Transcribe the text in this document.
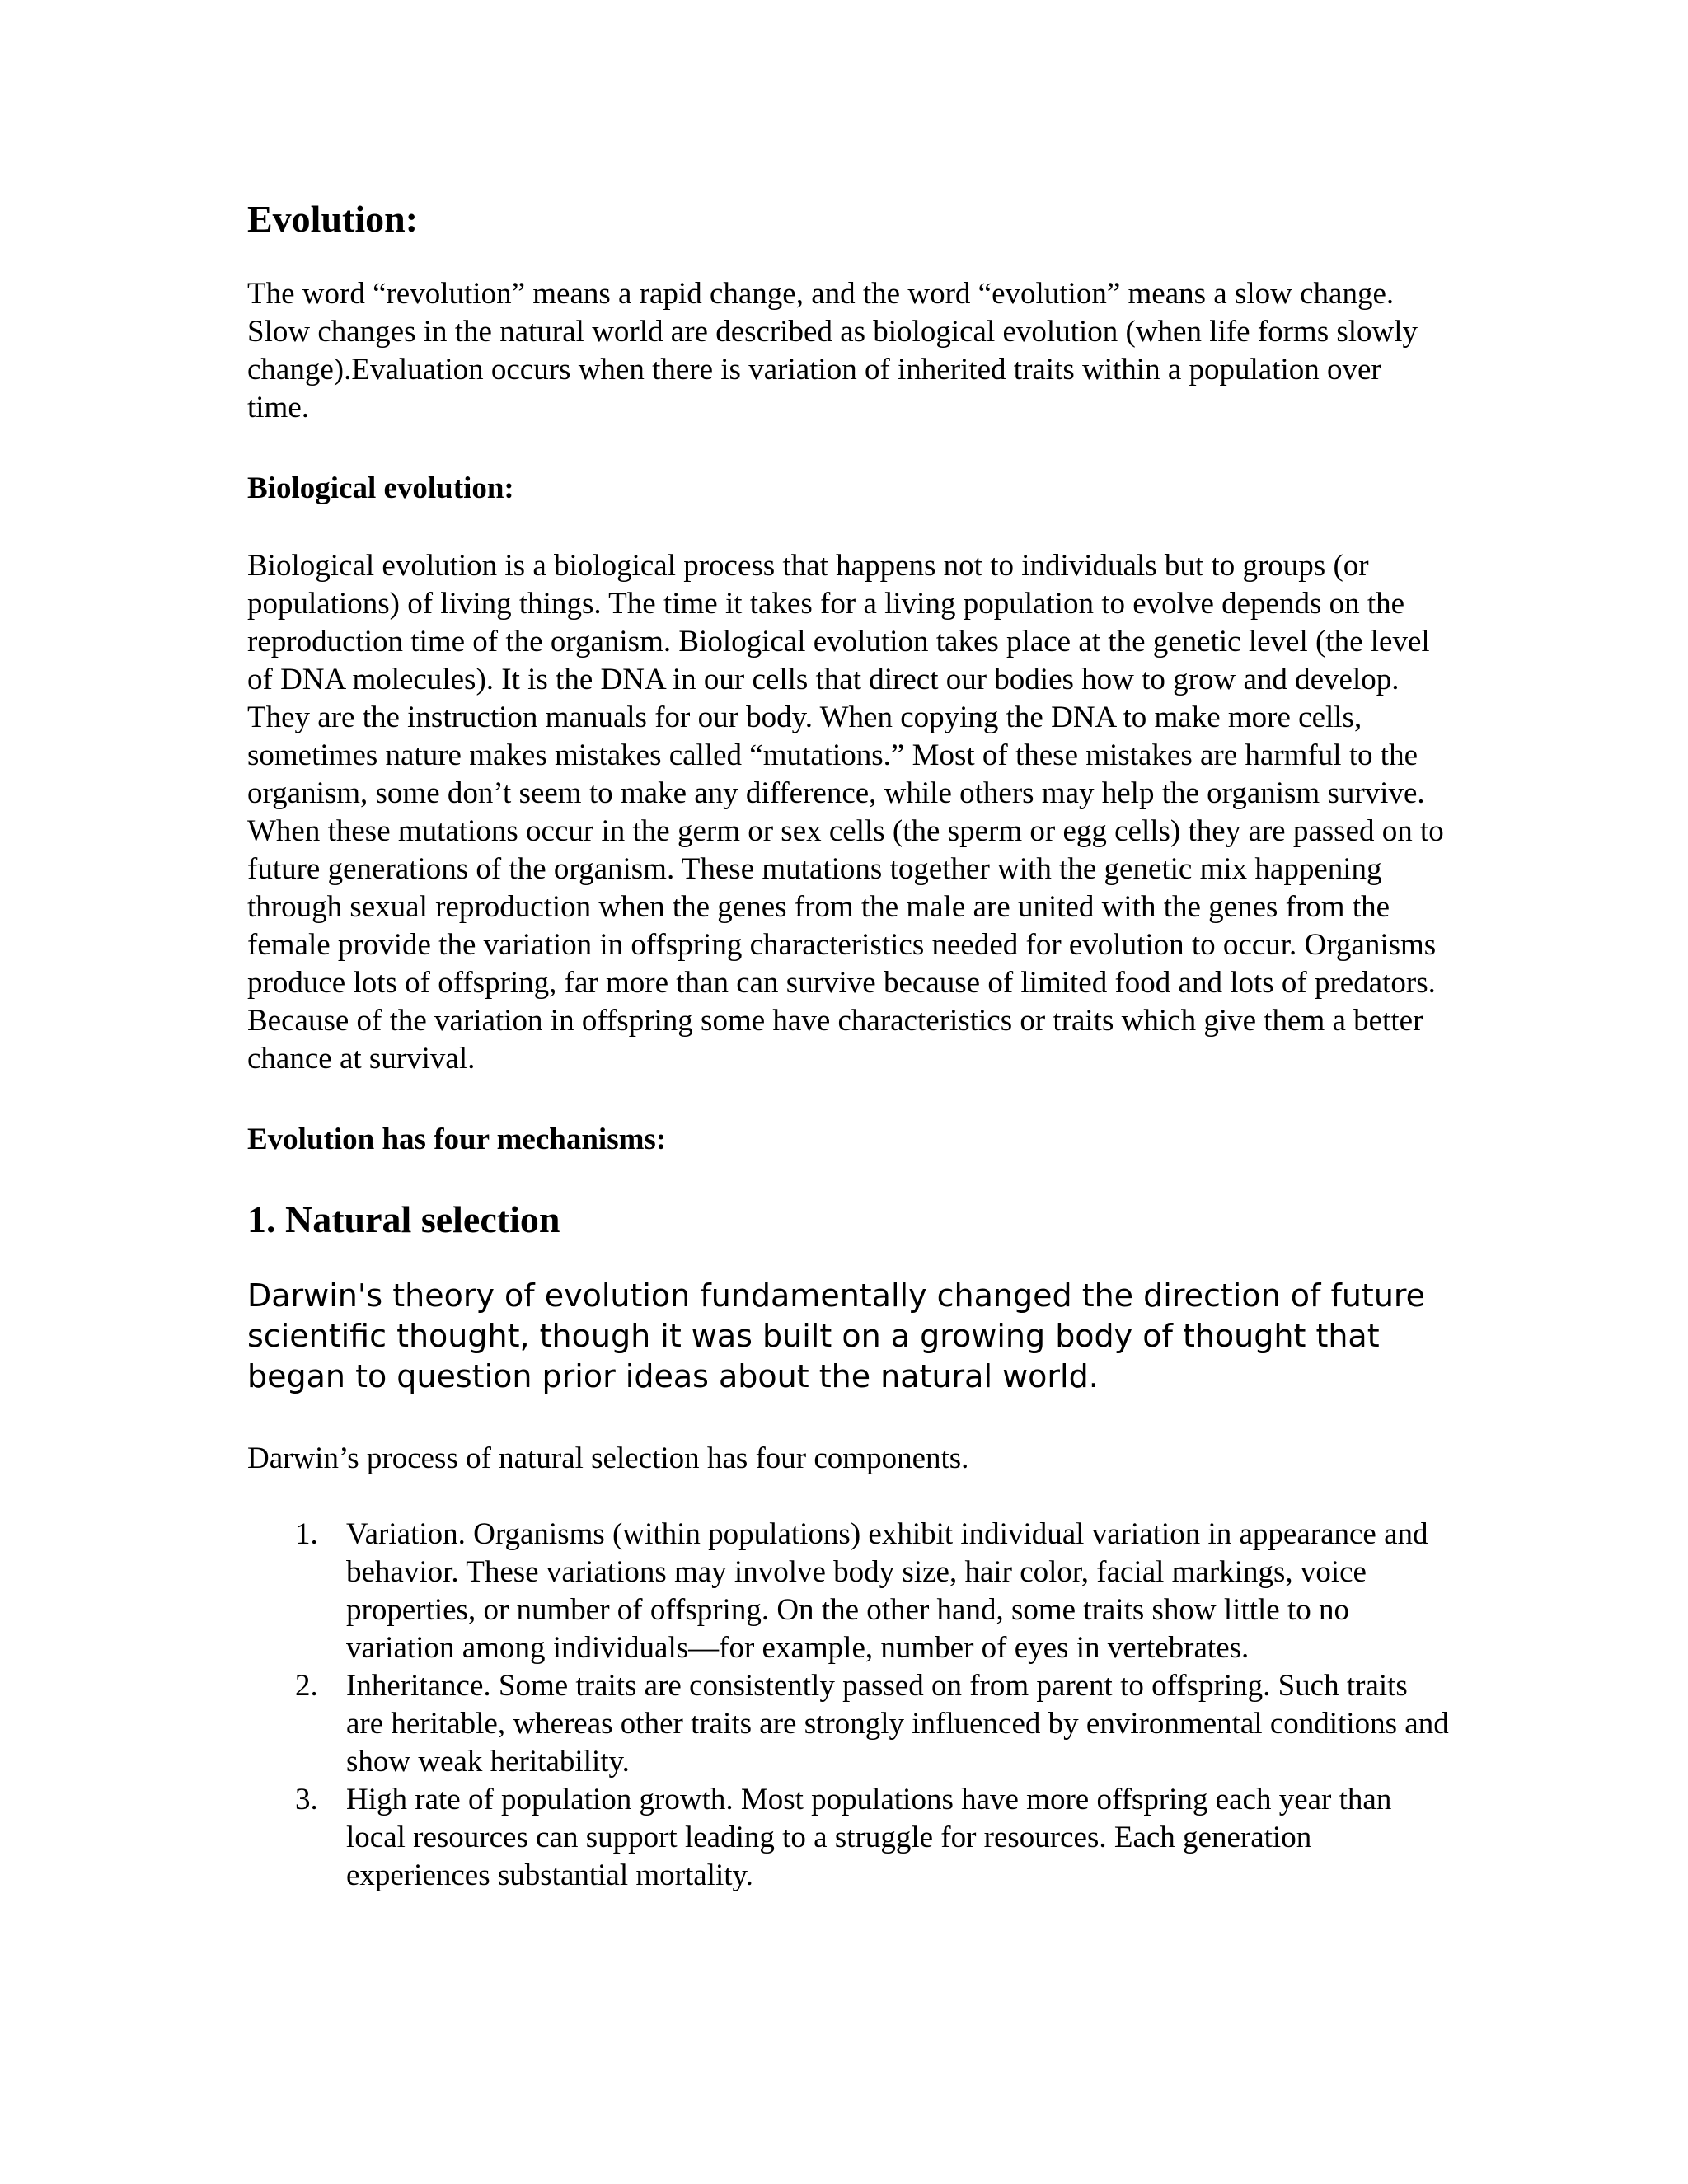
Evolution:

The word “revolution” means a rapid change, and the word “evolution” means a slow change. Slow changes in the natural world are described as biological evolution (when life forms slowly change).Evaluation occurs when there is variation of inherited traits within a population over time.

Biological evolution:

Biological evolution is a biological process that happens not to individuals but to groups (or populations) of living things. The time it takes for a living population to evolve depends on the reproduction time of the organism. Biological evolution takes place at the genetic level (the level of DNA molecules). It is the DNA in our cells that direct our bodies how to grow and develop. They are the instruction manuals for our body. When copying the DNA to make more cells, sometimes nature makes mistakes called “mutations.” Most of these mistakes are harmful to the organism, some don’t seem to make any difference, while others may help the organism survive. When these mutations occur in the germ or sex cells (the sperm or egg cells) they are passed on to future generations of the organism. These mutations together with the genetic mix happening through sexual reproduction when the genes from the male are united with the genes from the female provide the variation in offspring characteristics needed for evolution to occur. Organisms produce lots of offspring, far more than can survive because of limited food and lots of predators. Because of the variation in offspring some have characteristics or traits which give them a better chance at survival.

Evolution has four mechanisms:
1. Natural selection

Darwin's theory of evolution fundamentally changed the direction of future scientific thought, though it was built on a growing body of thought that began to question prior ideas about the natural world.

Darwin’s process of natural selection has four components.

1. Variation. Organisms (within populations) exhibit individual variation in appearance and behavior. These variations may involve body size, hair color, facial markings, voice properties, or number of offspring. On the other hand, some traits show little to no variation among individuals—for example, number of eyes in vertebrates.
2. Inheritance. Some traits are consistently passed on from parent to offspring. Such traits are heritable, whereas other traits are strongly influenced by environmental conditions and show weak heritability.
3. High rate of population growth. Most populations have more offspring each year than local resources can support leading to a struggle for resources. Each generation experiences substantial mortality.
